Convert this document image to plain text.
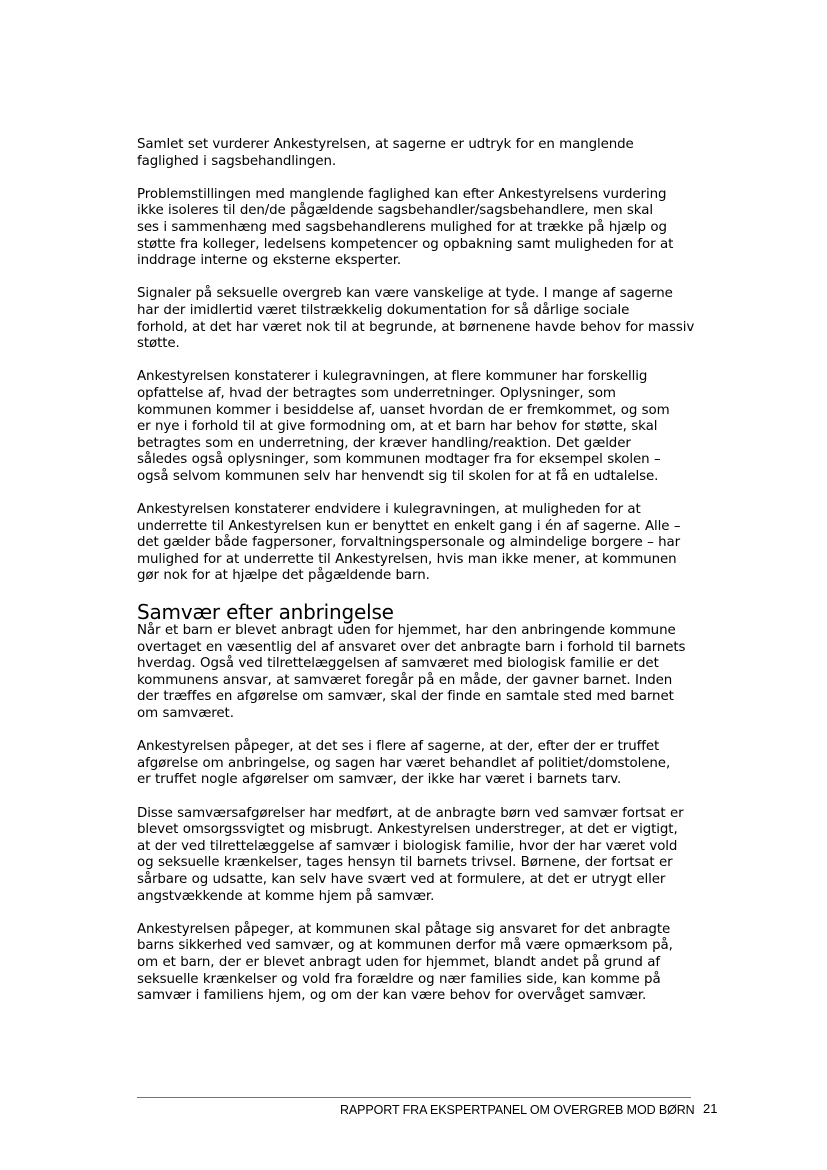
Samlet set vurderer Ankestyrelsen, at sagerne er udtryk for en manglende
faglighed i sagsbehandlingen.

Problemstillingen med manglende faglighed kan efter Ankestyrelsens vurdering
ikke isoleres til den/de pågældende sagsbehandler/sagsbehandlere, men skal
ses i sammenhæng med sagsbehandlerens mulighed for at trække på hjælp og
støtte fra kolleger, ledelsens kompetencer og opbakning samt muligheden for at
inddrage interne og eksterne eksperter.

Signaler på seksuelle overgreb kan være vanskelige at tyde. I mange af sagerne
har der imidlertid været tilstrækkelig dokumentation for så dårlige sociale
forhold, at det har været nok til at begrunde, at børnenene havde behov for massiv
støtte.

Ankestyrelsen konstaterer i kulegravningen, at flere kommuner har forskellig
opfattelse af, hvad der betragtes som underretninger. Oplysninger, som
kommunen kommer i besiddelse af, uanset hvordan de er fremkommet, og som
er nye i forhold til at give formodning om, at et barn har behov for støtte, skal
betragtes som en underretning, der kræver handling/reaktion. Det gælder
således også oplysninger, som kommunen modtager fra for eksempel skolen –
også selvom kommunen selv har henvendt sig til skolen for at få en udtalelse.

Ankestyrelsen konstaterer endvidere i kulegravningen, at muligheden for at
underrette til Ankestyrelsen kun er benyttet en enkelt gang i én af sagerne. Alle –
det gælder både fagpersoner, forvaltningspersonale og almindelige borgere – har
mulighed for at underrette til Ankestyrelsen, hvis man ikke mener, at kommunen
gør nok for at hjælpe det pågældende barn.

Samvær efter anbringelse

Når et barn er blevet anbragt uden for hjemmet, har den anbringende kommune
overtaget en væsentlig del af ansvaret over det anbragte barn i forhold til barnets
hverdag. Også ved tilrettelæggelsen af samværet med biologisk familie er det
kommunens ansvar, at samværet foregår på en måde, der gavner barnet. Inden
der træffes en afgørelse om samvær, skal der finde en samtale sted med barnet
om samværet.

Ankestyrelsen påpeger, at det ses i flere af sagerne, at der, efter der er truffet
afgørelse om anbringelse, og sagen har været behandlet af politiet/domstolene,
er truffet nogle afgørelser om samvær, der ikke har været i barnets tarv.

Disse samværsafgørelser har medført, at de anbragte børn ved samvær fortsat er
blevet omsorgssvigtet og misbrugt. Ankestyrelsen understreger, at det er vigtigt,
at der ved tilrettelæggelse af samvær i biologisk familie, hvor der har været vold
og seksuelle krænkelser, tages hensyn til barnets trivsel. Børnene, der fortsat er
sårbare og udsatte, kan selv have svært ved at formulere, at det er utrygt eller
angstvækkende at komme hjem på samvær.

Ankestyrelsen påpeger, at kommunen skal påtage sig ansvaret for det anbragte
barns sikkerhed ved samvær, og at kommunen derfor må være opmærksom på,
om et barn, der er blevet anbragt uden for hjemmet, blandt andet på grund af
seksuelle krænkelser og vold fra forældre og nær families side, kan komme på
samvær i familiens hjem, og om der kan være behov for overvåget samvær.

RAPPORT FRA EKSPERTPANEL OM OVERGREB MOD BØRN 21
